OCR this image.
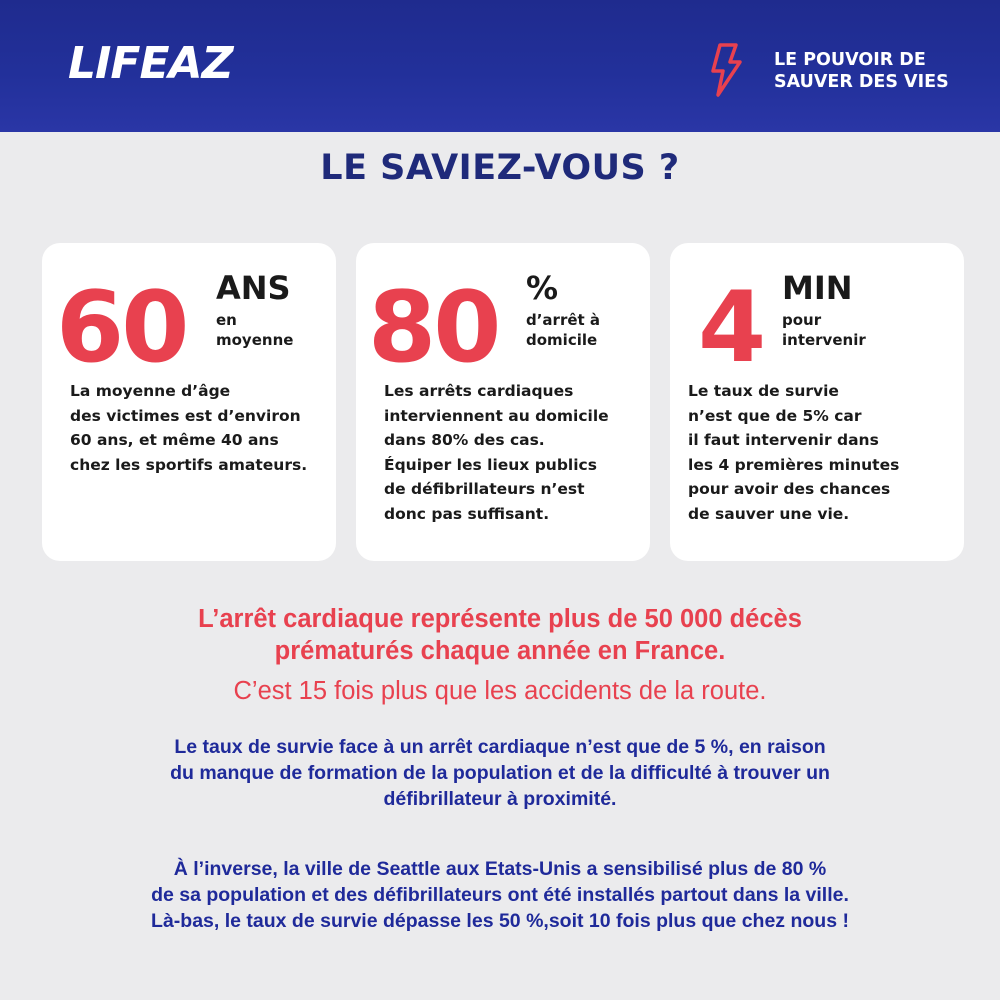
LIFEAZ	LE POUVOIR DE
SAUVER DES VIES
LE SAVIEZ-VOUS ?
60 ANS
en
moyenne
La moyenne d’âge
des victimes est d’environ
60 ans, et même 40 ans
chez les sportifs amateurs.
80 %
d’arrêt à
domicile
Les arrêts cardiaques
interviennent au domicile
dans 80% des cas.
Équiper les lieux publics
de défibrillateurs n’est
donc pas suffisant.
4 MIN
pour
intervenir
Le taux de survie
n’est que de 5% car
il faut intervenir dans
les 4 premières minutes
pour avoir des chances
de sauver une vie.
L’arrêt cardiaque représente plus de 50 000 décès
prématurés chaque année en France.
C’est 15 fois plus que les accidents de la route.
Le taux de survie face à un arrêt cardiaque n’est que de 5 %, en raison
du manque de formation de la population et de la difficulté à trouver un
défibrillateur à proximité.
À l’inverse, la ville de Seattle aux Etats-Unis a sensibilisé plus de 80 %
de sa population et des défibrillateurs ont été installés partout dans la ville.
Là-bas, le taux de survie dépasse les 50 %,soit 10 fois plus que chez nous !
